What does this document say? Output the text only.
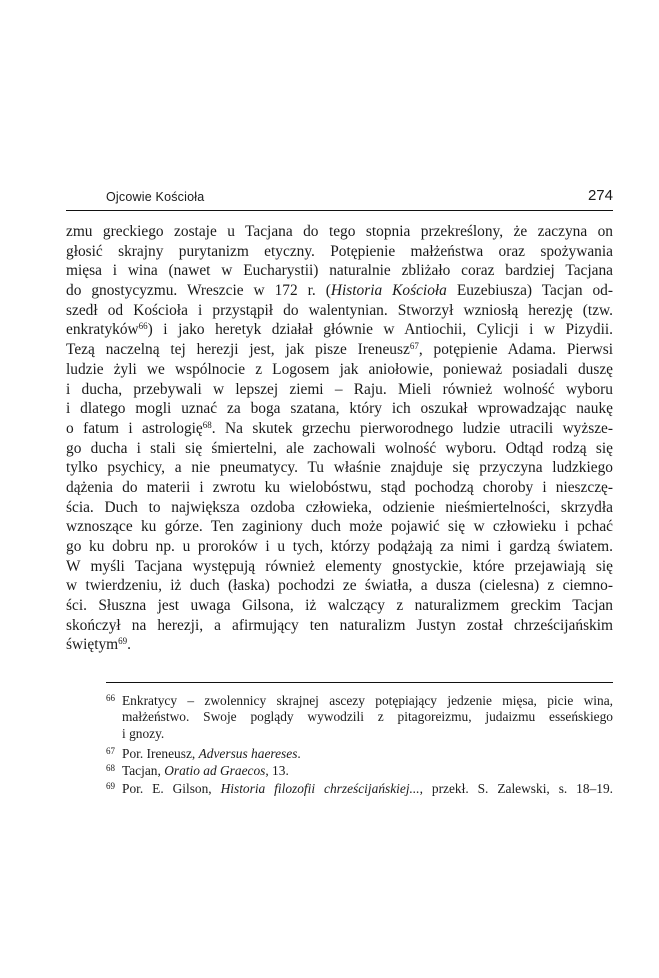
Ojcowie Kościoła	274
zmu greckiego zostaje u Tacjana do tego stopnia przekreślony, że zaczyna on
głosić skrajny purytanizm etyczny. Potępienie małżeństwa oraz spożywania
mięsa i wina (nawet w Eucharystii) naturalnie zbliżało coraz bardziej Tacjana
do gnostycyzmu. Wreszcie w 172 r. (Historia Kościoła Euzebiusza) Tacjan od-
szedł od Kościoła i przystąpił do walentynian. Stworzył wzniosłą herezję (tzw.
enkratyków$^{66}$) i jako heretyk działał głównie w Antiochii, Cylicji i w Pizydii.
Tezą naczelną tej herezji jest, jak pisze Ireneusz$^{67}$, potępienie Adama. Pierwsi
ludzie żyli we wspólnocie z Logosem jak aniołowie, ponieważ posiadali duszę
i ducha, przebywali w lepszej ziemi – Raju. Mieli również wolność wyboru
i dlatego mogli uznać za boga szatana, który ich oszukał wprowadzając naukę
o fatum i astrologię$^{68}$. Na skutek grzechu pierworodnego ludzie utracili wyższe-
go ducha i stali się śmiertelni, ale zachowali wolność wyboru. Odtąd rodzą się
tylko psychicy, a nie pneumatycy. Tu właśnie znajduje się przyczyna ludzkiego
dążenia do materii i zwrotu ku wielobóstwu, stąd pochodzą choroby i nieszczę-
ścia. Duch to największa ozdoba człowieka, odzienie nieśmiertelności, skrzydła
wznoszące ku górze. Ten zaginiony duch może pojawić się w człowieku i pchać
go ku dobru np. u proroków i u tych, którzy podążają za nimi i gardzą światem.
W myśli Tacjana występują również elementy gnostyckie, które przejawiają się
w twierdzeniu, iż duch (łaska) pochodzi ze światła, a dusza (cielesna) z ciemno-
ści. Słuszna jest uwaga Gilsona, iż walczący z naturalizmem greckim Tacjan
skończył na herezji, a afirmujący ten naturalizm Justyn został chrześcijańskim
świętym$^{69}$.
66 Enkratycy – zwolennicy skrajnej ascezy potępiający jedzenie mięsa, picie wina,
małżeństwo. Swoje poglądy wywodzili z pitagoreizmu, judaizmu esseńskiego
i gnozy.
67 Por. Ireneusz, Adversus haereses.
68 Tacjan, Oratio ad Graecos, 13.
69 Por. E. Gilson, Historia filozofii chrześcijańskiej..., przekł. S. Zalewski, s. 18–19.
